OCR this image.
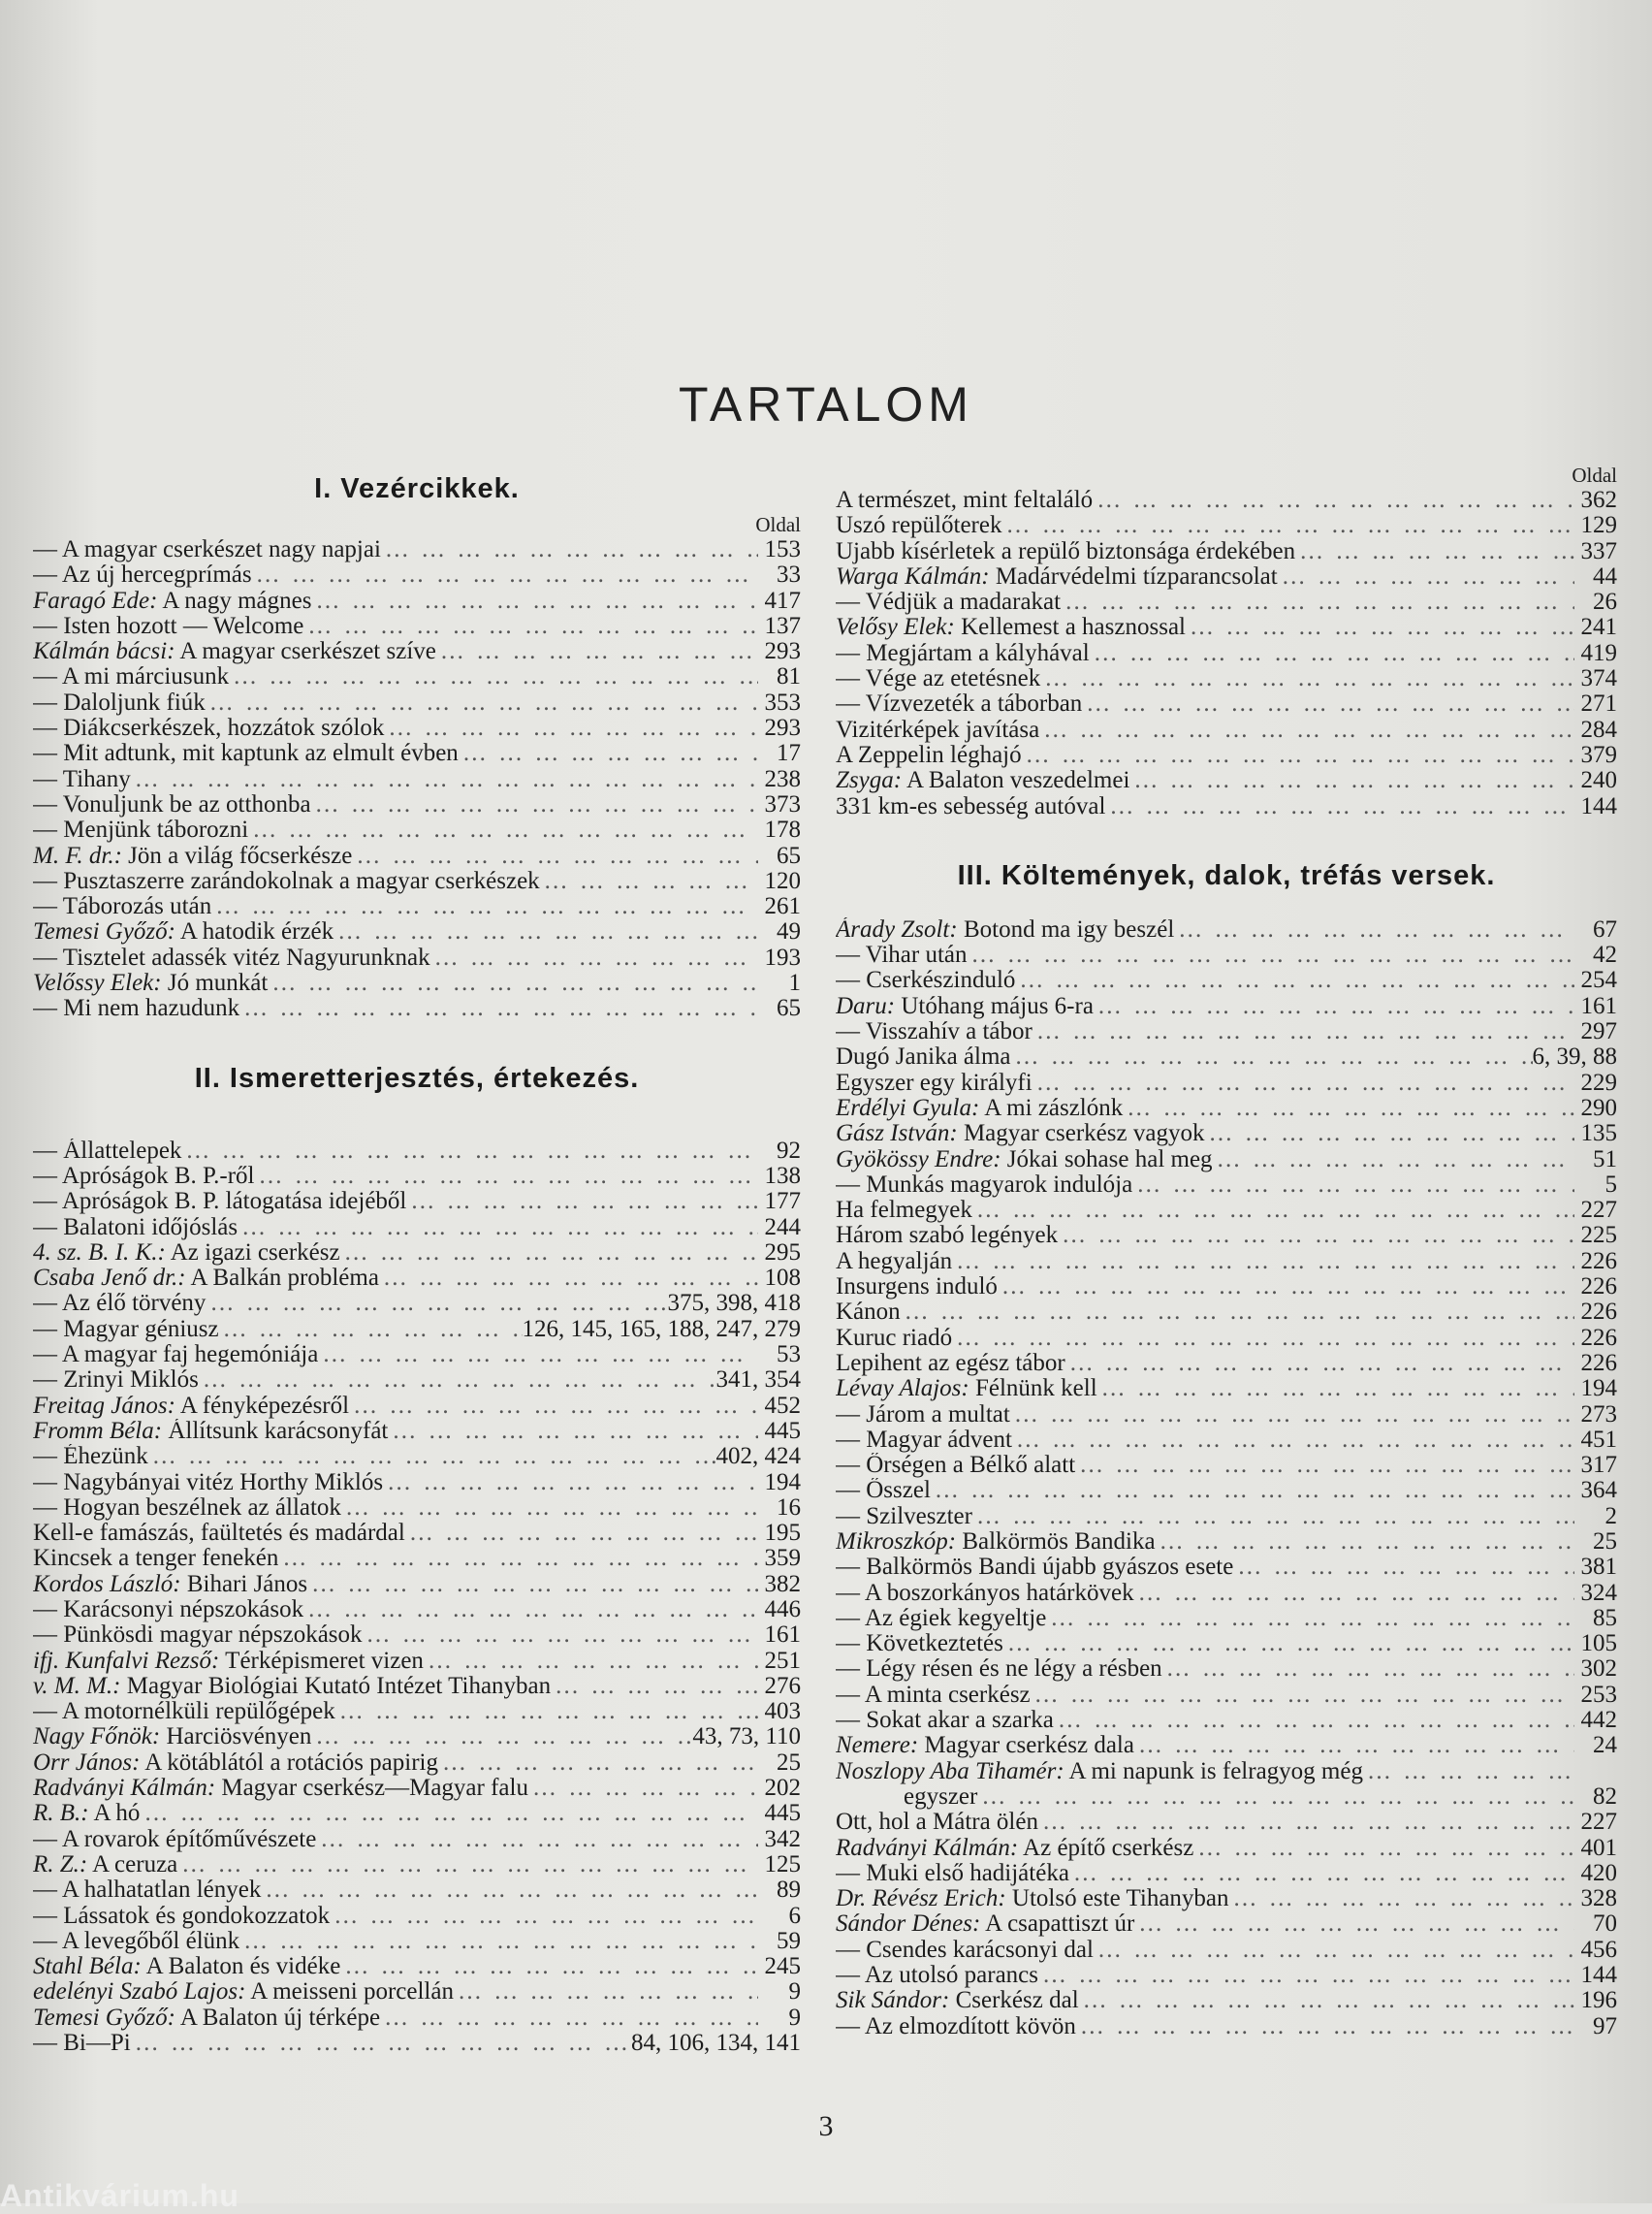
TARTALOM
I. Vezércikkek.
Oldal
— A magyar cserkészet nagy napjai … … … … … … … … … … … … … … … … … … … … … … … … … … … …	153
— Az új hercegprímás … … … … … … … … … … … … … … … … … … … … … … … … … … … …	33
Faragó Ede: A nagy mágnes … … … … … … … … … … … … … … … … … … … … … … … … … … … …	417
— Isten hozott — Welcome … … … … … … … … … … … … … … … … … … … … … … … … … … … …	137
Kálmán bácsi: A magyar cserkészet szíve … … … … … … … … … … … … … … … … … … … … … … … … … … … …	293
— A mi márciusunk … … … … … … … … … … … … … … … … … … … … … … … … … … … …	81
— Daloljunk fiúk … … … … … … … … … … … … … … … … … … … … … … … … … … … …	353
— Diákcserkészek, hozzátok szólok … … … … … … … … … … … … … … … … … … … … … … … … … … … …	293
— Mit adtunk, mit kaptunk az elmult évben … … … … … … … … … … … … … … … … … … … … … … … … … … … …	17
— Tihany … … … … … … … … … … … … … … … … … … … … … … … … … … … …	238
— Vonuljunk be az otthonba … … … … … … … … … … … … … … … … … … … … … … … … … … … …	373
— Menjünk táborozni … … … … … … … … … … … … … … … … … … … … … … … … … … … …	178
M. F. dr.: Jön a világ főcserkésze … … … … … … … … … … … … … … … … … … … … … … … … … … … …	65
— Pusztaszerre zarándokolnak a magyar cserkészek … … … … … … … … … … … … … … … … … … … … … … … … … … … …	120
— Táborozás után … … … … … … … … … … … … … … … … … … … … … … … … … … … …	261
Temesi Győző: A hatodik érzék … … … … … … … … … … … … … … … … … … … … … … … … … … … …	49
— Tisztelet adassék vitéz Nagyurunknak … … … … … … … … … … … … … … … … … … … … … … … … … … … …	193
Velőssy Elek: Jó munkát … … … … … … … … … … … … … … … … … … … … … … … … … … … …	1
— Mi nem hazudunk … … … … … … … … … … … … … … … … … … … … … … … … … … … …	65
II. Ismeretterjesztés, értekezés.
— Állattelepek … … … … … … … … … … … … … … … … … … … … … … … … … … … …	92
— Apróságok B. P.-ről … … … … … … … … … … … … … … … … … … … … … … … … … … … …	138
— Apróságok B. P. látogatása idejéből … … … … … … … … … … … … … … … … … … … … … … … … … … … …	177
— Balatoni időjóslás … … … … … … … … … … … … … … … … … … … … … … … … … … … …	244
4. sz. B. I. K.: Az igazi cserkész … … … … … … … … … … … … … … … … … … … … … … … … … … … …	295
Csaba Jenő dr.: A Balkán probléma … … … … … … … … … … … … … … … … … … … … … … … … … … … …	108
— Az élő törvény … … … … … … … … … … … … … … … … … … … … … … … … … … … …	375, 398, 418
— Magyar géniusz … … … … … … … … … … … … … … … … … … … … … … … … … … … …	126, 145, 165, 188, 247, 279
— A magyar faj hegemóniája … … … … … … … … … … … … … … … … … … … … … … … … … … … …	53
— Zrinyi Miklós … … … … … … … … … … … … … … … … … … … … … … … … … … … …	341, 354
Freitag János: A fényképezésről … … … … … … … … … … … … … … … … … … … … … … … … … … … …	452
Fromm Béla: Állítsunk karácsonyfát … … … … … … … … … … … … … … … … … … … … … … … … … … … …	445
— Éhezünk … … … … … … … … … … … … … … … … … … … … … … … … … … … …	402, 424
— Nagybányai vitéz Horthy Miklós … … … … … … … … … … … … … … … … … … … … … … … … … … … …	194
— Hogyan beszélnek az állatok … … … … … … … … … … … … … … … … … … … … … … … … … … … …	16
Kell-e famászás, faültetés és madárdal … … … … … … … … … … … … … … … … … … … … … … … … … … … …	195
Kincsek a tenger fenekén … … … … … … … … … … … … … … … … … … … … … … … … … … … …	359
Kordos László: Bihari János … … … … … … … … … … … … … … … … … … … … … … … … … … … …	382
— Karácsonyi népszokások … … … … … … … … … … … … … … … … … … … … … … … … … … … …	446
— Pünkösdi magyar népszokások … … … … … … … … … … … … … … … … … … … … … … … … … … … …	161
ifj. Kunfalvi Rezső: Térképismeret vizen … … … … … … … … … … … … … … … … … … … … … … … … … … … …	251
v. M. M.: Magyar Biológiai Kutató Intézet Tihanyban … … … … … … … … … … … … … … … … … … … … … … … … … … … …	276
— A motornélküli repülőgépek … … … … … … … … … … … … … … … … … … … … … … … … … … … …	403
Nagy Főnök: Harciösvényen … … … … … … … … … … … … … … … … … … … … … … … … … … … …	43, 73, 110
Orr János: A kötáblától a rotációs papirig … … … … … … … … … … … … … … … … … … … … … … … … … … … …	25
Radványi Kálmán: Magyar cserkész—Magyar falu … … … … … … … … … … … … … … … … … … … … … … … … … … … …	202
R. B.: A hó … … … … … … … … … … … … … … … … … … … … … … … … … … … …	445
— A rovarok építőművészete … … … … … … … … … … … … … … … … … … … … … … … … … … … …	342
R. Z.: A ceruza … … … … … … … … … … … … … … … … … … … … … … … … … … … …	125
— A halhatatlan lények … … … … … … … … … … … … … … … … … … … … … … … … … … … …	89
— Lássatok és gondokozzatok … … … … … … … … … … … … … … … … … … … … … … … … … … … …	6
— A levegőből élünk … … … … … … … … … … … … … … … … … … … … … … … … … … … …	59
Stahl Béla: A Balaton és vidéke … … … … … … … … … … … … … … … … … … … … … … … … … … … …	245
edelényi Szabó Lajos: A meisseni porcellán … … … … … … … … … … … … … … … … … … … … … … … … … … … …	9
Temesi Győző: A Balaton új térképe … … … … … … … … … … … … … … … … … … … … … … … … … … … …	9
— Bi—Pi … … … … … … … … … … … … … … … … … … … … … … … … … … … …	84, 106, 134, 141
Oldal
A természet, mint feltaláló … … … … … … … … … … … … … … … … … … … … … … … … … … … …	362
Uszó repülőterek … … … … … … … … … … … … … … … … … … … … … … … … … … … …	129
Ujabb kísérletek a repülő biztonsága érdekében … … … … … … … … … … … … … … … … … … … … … … … … … … … …	337
Warga Kálmán: Madárvédelmi tízparancsolat … … … … … … … … … … … … … … … … … … … … … … … … … … … …	44
— Védjük a madarakat … … … … … … … … … … … … … … … … … … … … … … … … … … … …	26
Velősy Elek: Kellemest a hasznossal … … … … … … … … … … … … … … … … … … … … … … … … … … … …	241
— Megjártam a kályhával … … … … … … … … … … … … … … … … … … … … … … … … … … … …	419
— Vége az etetésnek … … … … … … … … … … … … … … … … … … … … … … … … … … … …	374
— Vízvezeték a táborban … … … … … … … … … … … … … … … … … … … … … … … … … … … …	271
Vizitérképek javítása … … … … … … … … … … … … … … … … … … … … … … … … … … … …	284
A Zeppelin léghajó … … … … … … … … … … … … … … … … … … … … … … … … … … … …	379
Zsyga: A Balaton veszedelmei … … … … … … … … … … … … … … … … … … … … … … … … … … … …	240
331 km-es sebesség autóval … … … … … … … … … … … … … … … … … … … … … … … … … … … …	144
III. Költemények, dalok, tréfás versek.
Árady Zsolt: Botond ma igy beszél … … … … … … … … … … … … … … … … … … … … … … … … … … … …	67
— Vihar után … … … … … … … … … … … … … … … … … … … … … … … … … … … …	42
— Cserkészinduló … … … … … … … … … … … … … … … … … … … … … … … … … … … …	254
Daru: Utóhang május 6-ra … … … … … … … … … … … … … … … … … … … … … … … … … … … …	161
— Visszahív a tábor … … … … … … … … … … … … … … … … … … … … … … … … … … … …	297
Dugó Janika álma … … … … … … … … … … … … … … … … … … … … … … … … … … … …	6, 39, 88
Egyszer egy királyfi … … … … … … … … … … … … … … … … … … … … … … … … … … … …	229
Erdélyi Gyula: A mi zászlónk … … … … … … … … … … … … … … … … … … … … … … … … … … … …	290
Gász István: Magyar cserkész vagyok … … … … … … … … … … … … … … … … … … … … … … … … … … … …	135
Gyökössy Endre: Jókai sohase hal meg … … … … … … … … … … … … … … … … … … … … … … … … … … … …	51
— Munkás magyarok indulója … … … … … … … … … … … … … … … … … … … … … … … … … … … …	5
Ha felmegyek … … … … … … … … … … … … … … … … … … … … … … … … … … … …	227
Három szabó legények … … … … … … … … … … … … … … … … … … … … … … … … … … … …	225
A hegyalján … … … … … … … … … … … … … … … … … … … … … … … … … … … …	226
Insurgens induló … … … … … … … … … … … … … … … … … … … … … … … … … … … …	226
Kánon … … … … … … … … … … … … … … … … … … … … … … … … … … … …	226
Kuruc riadó … … … … … … … … … … … … … … … … … … … … … … … … … … … …	226
Lepihent az egész tábor … … … … … … … … … … … … … … … … … … … … … … … … … … … …	226
Lévay Alajos: Félnünk kell … … … … … … … … … … … … … … … … … … … … … … … … … … … …	194
— Járom a multat … … … … … … … … … … … … … … … … … … … … … … … … … … … …	273
— Magyar ádvent … … … … … … … … … … … … … … … … … … … … … … … … … … … …	451
— Őrségen a Bélkő alatt … … … … … … … … … … … … … … … … … … … … … … … … … … … …	317
— Ősszel … … … … … … … … … … … … … … … … … … … … … … … … … … … …	364
— Szilveszter … … … … … … … … … … … … … … … … … … … … … … … … … … … …	2
Mikroszkóp: Balkörmös Bandika … … … … … … … … … … … … … … … … … … … … … … … … … … … …	25
— Balkörmös Bandi újabb gyászos esete … … … … … … … … … … … … … … … … … … … … … … … … … … … …	381
— A boszorkányos határkövek … … … … … … … … … … … … … … … … … … … … … … … … … … … …	324
— Az égiek kegyeltje … … … … … … … … … … … … … … … … … … … … … … … … … … … …	85
— Következtetés … … … … … … … … … … … … … … … … … … … … … … … … … … … …	105
— Légy résen és ne légy a résben … … … … … … … … … … … … … … … … … … … … … … … … … … … …	302
— A minta cserkész … … … … … … … … … … … … … … … … … … … … … … … … … … … …	253
— Sokat akar a szarka … … … … … … … … … … … … … … … … … … … … … … … … … … … …	442
Nemere: Magyar cserkész dala … … … … … … … … … … … … … … … … … … … … … … … … … … … …	24
Noszlopy Aba Tihamér: A mi napunk is felragyog még
… … … … … … … … … … … … … … … … … … … … … … … … … … … …
egyszer … … … … … … … … … … … … … … … … … … … … … … … … … … … …	82
Ott, hol a Mátra ölén … … … … … … … … … … … … … … … … … … … … … … … … … … … …	227
Radványi Kálmán: Az építő cserkész … … … … … … … … … … … … … … … … … … … … … … … … … … … …	401
— Muki első hadijátéka … … … … … … … … … … … … … … … … … … … … … … … … … … … …	420
Dr. Révész Erich: Utolsó este Tihanyban … … … … … … … … … … … … … … … … … … … … … … … … … … … …	328
Sándor Dénes: A csapattiszt úr … … … … … … … … … … … … … … … … … … … … … … … … … … … …	70
— Csendes karácsonyi dal … … … … … … … … … … … … … … … … … … … … … … … … … … … …	456
— Az utolsó parancs … … … … … … … … … … … … … … … … … … … … … … … … … … … …	144
Sik Sándor: Cserkész dal … … … … … … … … … … … … … … … … … … … … … … … … … … … …	196
— Az elmozdított kövön … … … … … … … … … … … … … … … … … … … … … … … … … … … …	97
3
Antikvárium.hu
